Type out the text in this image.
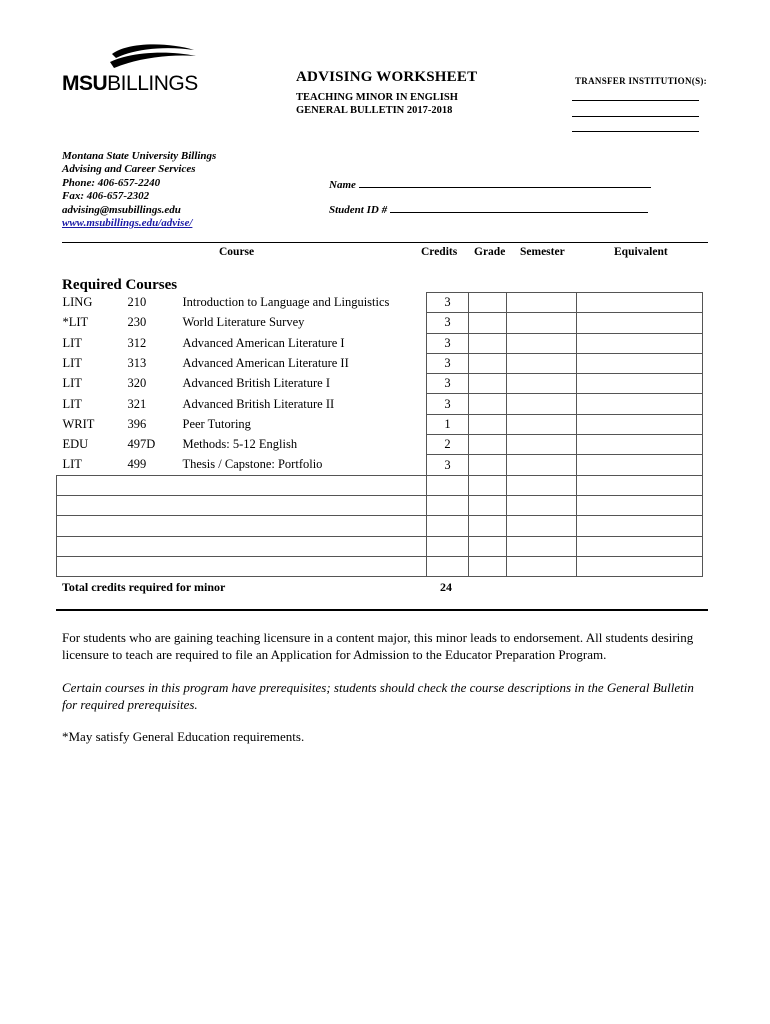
MSUBILLINGS	ADVISING WORKSHEET
TEACHING MINOR IN ENGLISH
GENERAL BULLETIN 2017-2018
TRANSFER INSTITUTION(S):
Montana State University Billings
Advising and Career Services
Phone: 406-657-2240
Fax: 406-657-2302
advising@msubillings.edu
www.msubillings.edu/advise/
Name
Student ID #
Course	Credits Grade Semester	Equivalent
Required Courses
LING	210	Introduction to Language and Linguistics	3			
*LIT	230	World Literature Survey	3			
LIT	312	Advanced American Literature I	3			
LIT	313	Advanced American Literature II	3			
LIT	320	Advanced British Literature I	3			
LIT	321	Advanced British Literature II	3			
WRIT	396	Peer Tutoring	1			
EDU	497D	Methods: 5-12 English	2			
LIT	499	Thesis / Capstone: Portfolio	3			

Total credits required for minor	24
For students who are gaining teaching licensure in a content major, this minor leads to endorsement. All students desiring licensure to teach are required to file an Application for Admission to the Educator Preparation Program.
Certain courses in this program have prerequisites; students should check the course descriptions in the General Bulletin for required prerequisites.
*May satisfy General Education requirements.
